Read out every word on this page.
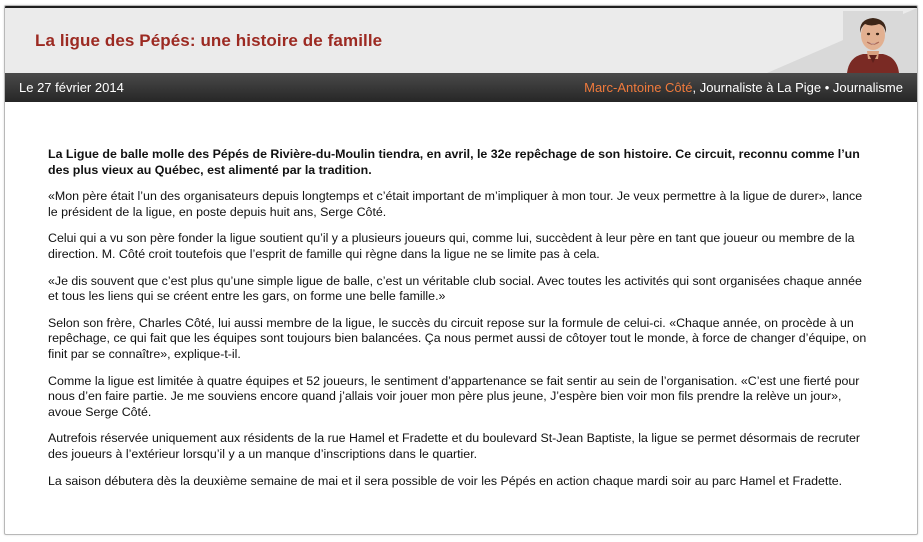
La ligue des Pépés: une histoire de famille
Le 27 février 2014	Marc-Antoine Côté, Journaliste à La Pige • Journalisme

La Ligue de balle molle des Pépés de Rivière-du-Moulin tiendra, en avril, le 32e repêchage de son histoire. Ce circuit, reconnu comme l’un des plus vieux au Québec, est alimenté par la tradition.

«Mon père était l’un des organisateurs depuis longtemps et c’était important de m’impliquer à mon tour. Je veux permettre à la ligue de durer», lance le président de la ligue, en poste depuis huit ans, Serge Côté.

Celui qui a vu son père fonder la ligue soutient qu’il y a plusieurs joueurs qui, comme lui, succèdent à leur père en tant que joueur ou membre de la direction. M. Côté croit toutefois que l’esprit de famille qui règne dans la ligue ne se limite pas à cela.

«Je dis souvent que c’est plus qu’une simple ligue de balle, c’est un véritable club social. Avec toutes les activités qui sont organisées chaque année et tous les liens qui se créent entre les gars, on forme une belle famille.»

Selon son frère, Charles Côté, lui aussi membre de la ligue, le succès du circuit repose sur la formule de celui-ci. «Chaque année, on procède à un repêchage, ce qui fait que les équipes sont toujours bien balancées. Ça nous permet aussi de côtoyer tout le monde, à force de changer d’équipe, on finit par se connaître», explique-t-il.

Comme la ligue est limitée à quatre équipes et 52 joueurs, le sentiment d’appartenance se fait sentir au sein de l’organisation. «C’est une fierté pour nous d’en faire partie. Je me souviens encore quand j’allais voir jouer mon père plus jeune, J’espère bien voir mon fils prendre la relève un jour», avoue Serge Côté.

Autrefois réservée uniquement aux résidents de la rue Hamel et Fradette et du boulevard St-Jean Baptiste, la ligue se permet désormais de recruter des joueurs à l’extérieur lorsqu’il y a un manque d’inscriptions dans le quartier.

La saison débutera dès la deuxième semaine de mai et il sera possible de voir les Pépés en action chaque mardi soir au parc Hamel et Fradette.
